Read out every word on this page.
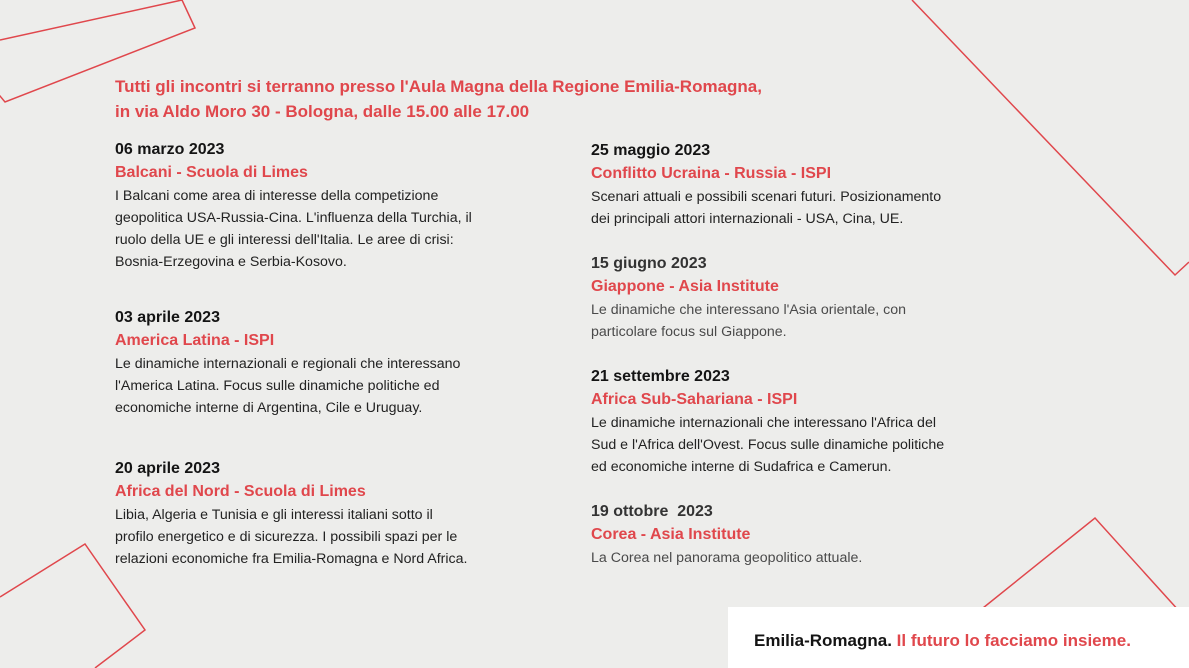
Tutti gli incontri si terranno presso l'Aula Magna della Regione Emilia-Romagna,
in via Aldo Moro 30 - Bologna, dalle 15.00 alle 17.00
06 marzo 2023
Balcani - Scuola di Limes
I Balcani come area di interesse della competizione
geopolitica USA-Russia-Cina. L'influenza della Turchia, il
ruolo della UE e gli interessi dell'Italia. Le aree di crisi:
Bosnia-Erzegovina e Serbia-Kosovo.
03 aprile 2023
America Latina - ISPI
Le dinamiche internazionali e regionali che interessano
l'America Latina. Focus sulle dinamiche politiche ed
economiche interne di Argentina, Cile e Uruguay.
20 aprile 2023
Africa del Nord - Scuola di Limes
Libia, Algeria e Tunisia e gli interessi italiani sotto il
profilo energetico e di sicurezza. I possibili spazi per le
relazioni economiche fra Emilia-Romagna e Nord Africa.
25 maggio 2023
Conflitto Ucraina - Russia - ISPI
Scenari attuali e possibili scenari futuri. Posizionamento
dei principali attori internazionali - USA, Cina, UE.
15 giugno 2023
Giappone - Asia Institute
Le dinamiche che interessano l'Asia orientale, con
particolare focus sul Giappone.
21 settembre 2023
Africa Sub-Sahariana - ISPI
Le dinamiche internazionali che interessano l'Africa del
Sud e l'Africa dell'Ovest. Focus sulle dinamiche politiche
ed economiche interne di Sudafrica e Camerun.
19 ottobre  2023
Corea - Asia Institute
La Corea nel panorama geopolitico attuale.
Emilia-Romagna. Il futuro lo facciamo insieme.
